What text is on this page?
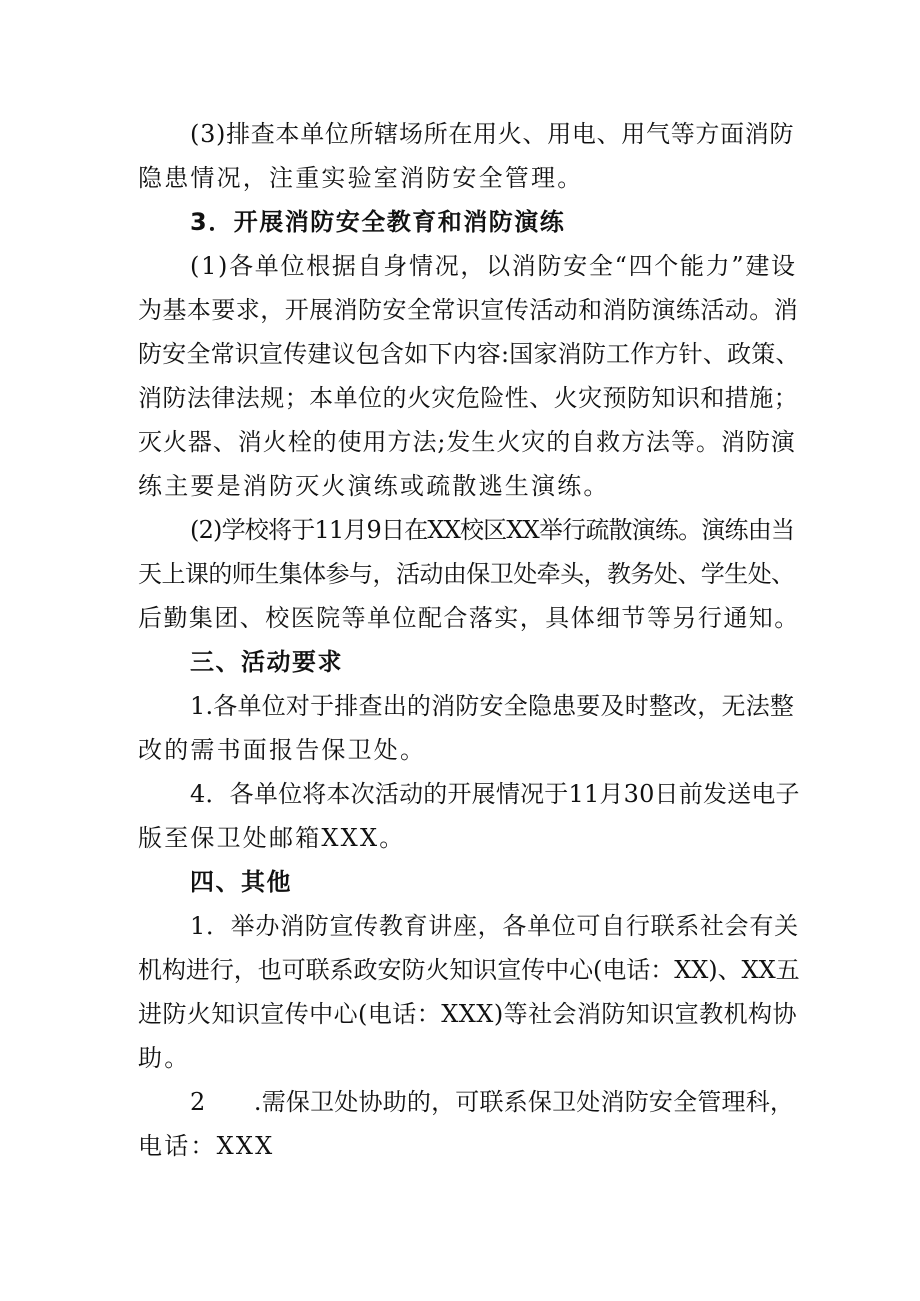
(3)排查本单位所辖场所在用火、用电、用气等方面消防
隐患情况，注重实验室消防安全管理。
3．开展消防安全教育和消防演练
(1)各单位根据自身情况，以消防安全“四个能力”建设
为基本要求，开展消防安全常识宣传活动和消防演练活动。消
防安全常识宣传建议包含如下内容:国家消防工作方针、政策、
消防法律法规；本单位的火灾危险性、火灾预防知识和措施；
灭火器、消火栓的使用方法;发生火灾的自救方法等。消防演
练主要是消防灭火演练或疏散逃生演练。
(2)学校将于11月9日在XX校区XX举行疏散演练。演练由当
天上课的师生集体参与，活动由保卫处牵头，教务处、学生处、
后勤集团、校医院等单位配合落实，具体细节等另行通知。
三、活动要求
1.各单位对于排查出的消防安全隐患要及时整改，无法整
改的需书面报告保卫处。
4．各单位将本次活动的开展情况于11月30日前发送电子
版至保卫处邮箱XXX。
四、其他
1．举办消防宣传教育讲座，各单位可自行联系社会有关
机构进行，也可联系政安防火知识宣传中心(电话：XX)、XX五
进防火知识宣传中心(电话：XXX)等社会消防知识宣教机构协
助。
2　　.需保卫处协助的，可联系保卫处消防安全管理科，
电话：XXX
